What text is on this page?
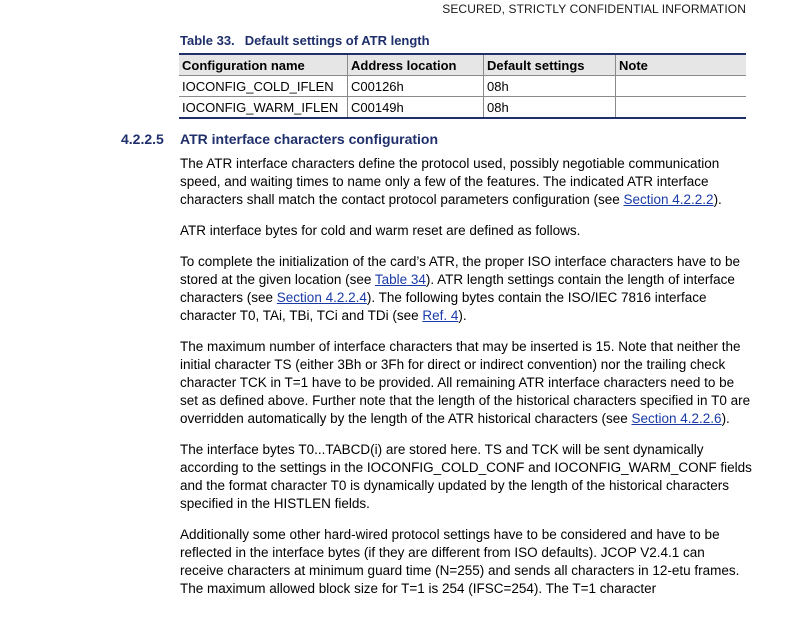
SECURED, STRICTLY CONFIDENTIAL INFORMATION
Table 33. Default settings of ATR length
Configuration name	Address location	Default settings	Note
IOCONFIG_COLD_IFLEN	C00126h	08h	
IOCONFIG_WARM_IFLEN	C00149h	08h	
4.2.2.5 ATR interface characters configuration

The ATR interface characters define the protocol used, possibly negotiable communication speed, and waiting times to name only a few of the features. The indicated ATR interface characters shall match the contact protocol parameters configuration (see Section 4.2.2.2).

ATR interface bytes for cold and warm reset are defined as follows.

To complete the initialization of the card’s ATR, the proper ISO interface characters have to be stored at the given location (see Table 34). ATR length settings contain the length of interface characters (see Section 4.2.2.4). The following bytes contain the ISO/IEC 7816 interface character T0, TAi, TBi, TCi and TDi (see Ref. 4).

The maximum number of interface characters that may be inserted is 15. Note that neither the initial character TS (either 3Bh or 3Fh for direct or indirect convention) nor the trailing check character TCK in T=1 have to be provided. All remaining ATR interface characters need to be set as defined above. Further note that the length of the historical characters specified in T0 are overridden automatically by the length of the ATR historical characters (see Section 4.2.2.6).

The interface bytes T0...TABCD(i) are stored here. TS and TCK will be sent dynamically according to the settings in the IOCONFIG_COLD_CONF and IOCONFIG_WARM_CONF fields and the format character T0 is dynamically updated by the length of the historical characters specified in the HISTLEN fields.

Additionally some other hard-wired protocol settings have to be considered and have to be reflected in the interface bytes (if they are different from ISO defaults). JCOP V2.4.1 can receive characters at minimum guard time (N=255) and sends all characters in 12-etu frames. The maximum allowed block size for T=1 is 254 (IFSC=254). The T=1 character
